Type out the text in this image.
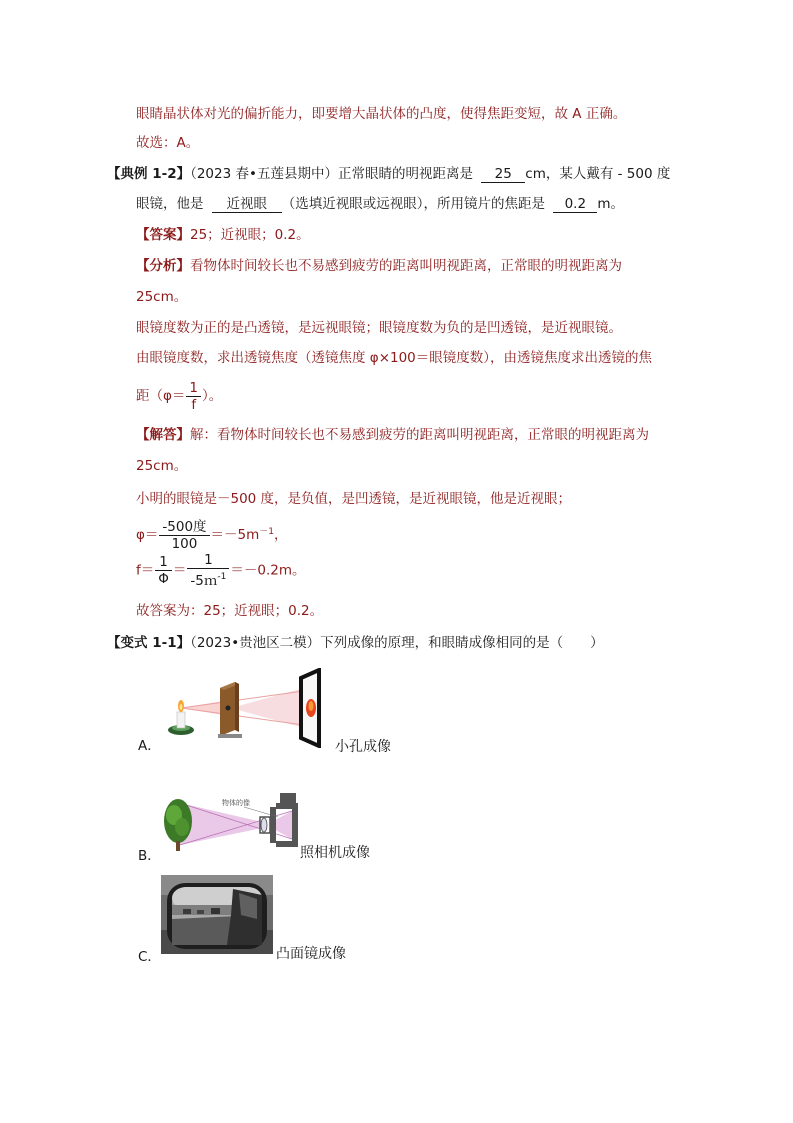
眼睛晶状体对光的偏折能力，即要增大晶状体的凸度，使得焦距变短，故 A 正确。
故选：A。
【典例 1-2】（2023 春•五莲县期中）正常眼睛的明视距离是 25 cm，某人戴有 - 500 度
眼镜，他是 近视眼 （选填近视眼或远视眼），所用镜片的焦距是 0.2 m。
【答案】25；近视眼；0.2。
【分析】看物体时间较长也不易感到疲劳的距离叫明视距离，正常眼的明视距离为
25cm。
眼镜度数为正的是凸透镜，是远视眼镜；眼镜度数为负的是凹透镜，是近视眼镜。
由眼镜度数，求出透镜焦度（透镜焦度 φ×100＝眼镜度数），由透镜焦度求出透镜的焦
距（$\varphi= \frac{1}{f}$ ）。
【解答】解：看物体时间较长也不易感到疲劳的距离叫明视距离，正常眼的明视距离为
25cm。
小明的眼镜是－500 度，是负值，是凹透镜，是近视眼镜，他是近视眼；
$\varphi= \frac{\text{-500度}}{100} =-5m^{-1}$，
$f= \frac{1}{\Phi} = \frac{1}{-5m^{-1}} =-0.2m$。
故答案为：25；近视眼；0.2。
【变式 1-1】（2023•贵池区二模）下列成像的原理，和眼睛成像相同的是（　　）
A．	小孔成像
B．
物体的像
照相机成像
C．	凸面镜成像
